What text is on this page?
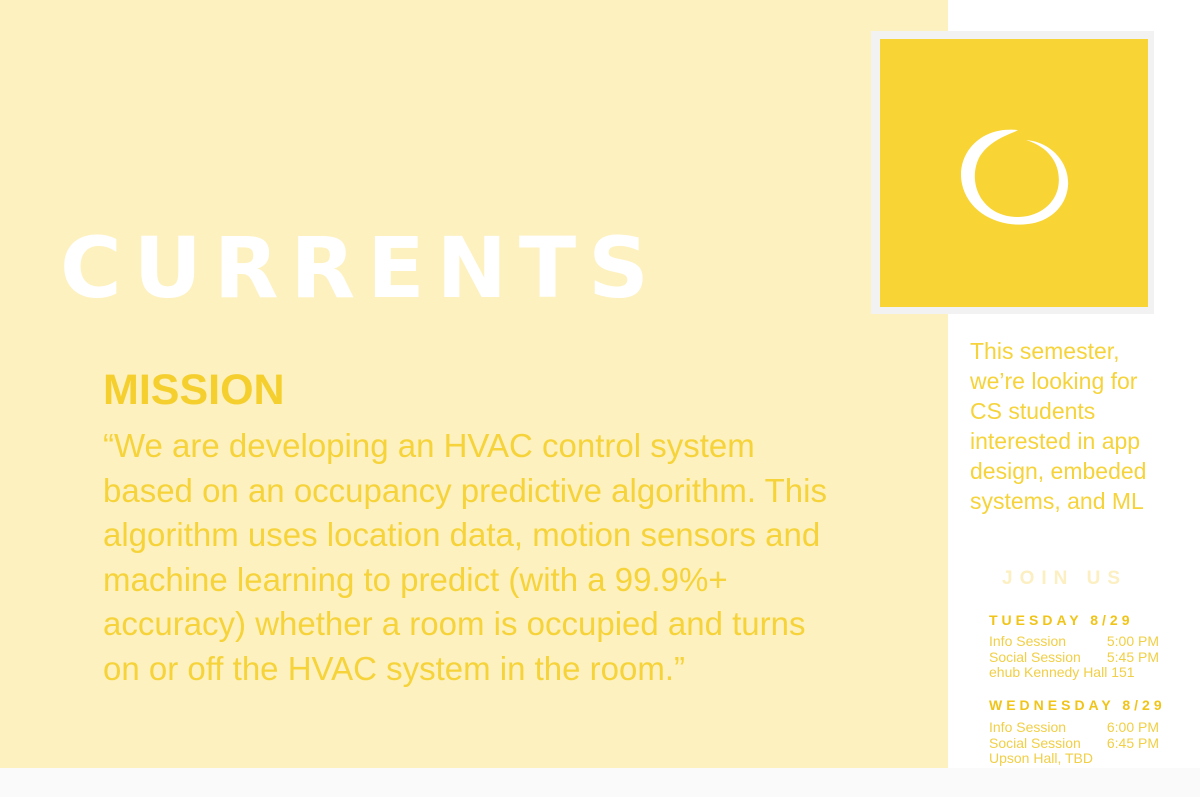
CURRENTS
MISSION
“We are developing an HVAC control system
based on an occupancy predictive algorithm. This
algorithm uses location data, motion sensors and
machine learning to predict (with a 99.9%+
accuracy) whether a room is occupied and turns
on or off the HVAC system in the room.”
This semester,
we’re looking for
CS students
interested in app
design, embeded
systems, and ML
JOIN US
TUESDAY 8/29
Info Session	5:00 PM
Social Session 5:45 PM
ehub Kennedy Hall 151
WEDNESDAY 8/29
Info Session	6:00 PM
Social Session 6:45 PM
Upson Hall, TBD
